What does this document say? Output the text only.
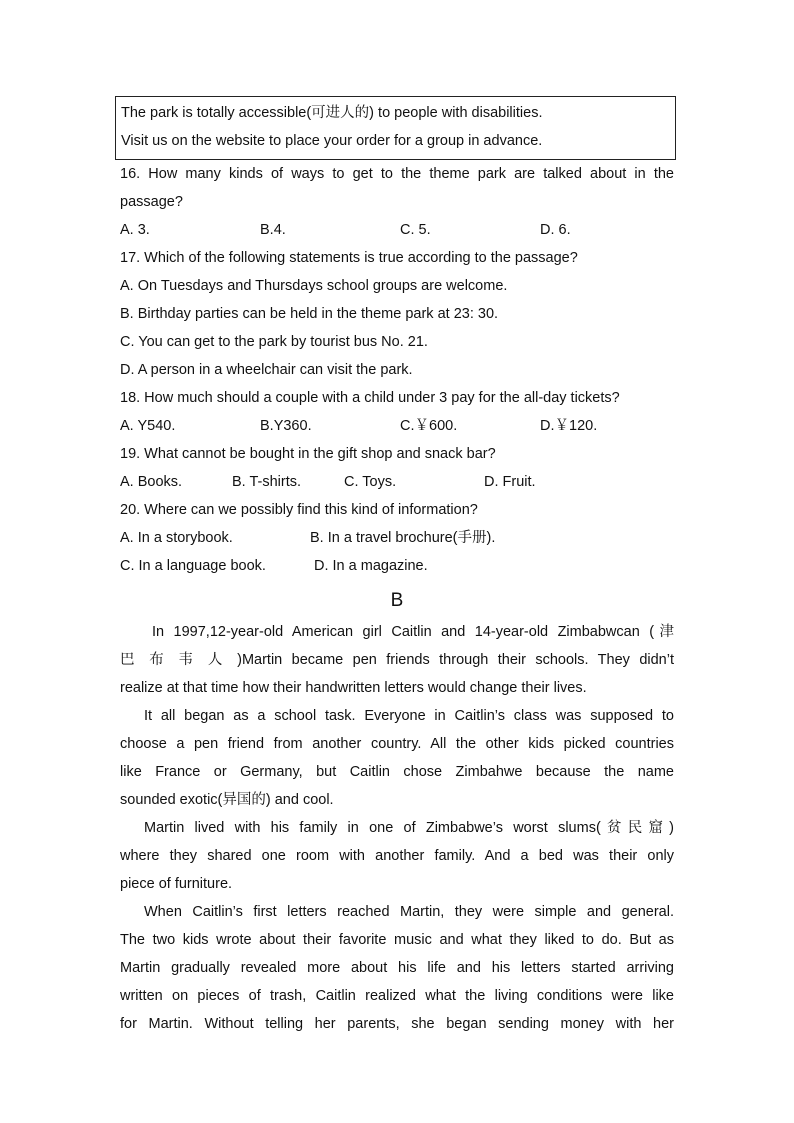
The park is totally accessible(可进人的) to people with disabilities.
Visit us on the website to place your order for a group in advance.
16. How many kinds of ways to get to the theme park are talked about in the
passage?
A. 3.	B.4.	C. 5.	D. 6.
17. Which of the following statements is true according to the passage?
A. On Tuesdays and Thursdays school groups are welcome.
B. Birthday parties can be held in the theme park at 23: 30.
C. You can get to the park by tourist bus No. 21.
D. A person in a wheelchair can visit the park.
18. How much should a couple with a child under 3 pay for the all-day tickets?
A. Y540.	B.Y360.	C.￥600.	D.￥120.
19. What cannot be bought in the gift shop and snack bar?
A. Books.	B. T-shirts.	C. Toys.	D. Fruit.
20. Where can we possibly find this kind of information?
A. In a storybook.	B. In a travel brochure(手册).
C. In a language book.	D. In a magazine.
B
In 1997,12-year-old American girl Caitlin and 14-year-old Zimbabwcan (津
巴 布 韦 人 )Martin became pen friends through their schools. They didn’t
realize at that time how their handwritten letters would change their lives.
It all began as a school task. Everyone in Caitlin’s class was supposed to
choose a pen friend from another country. All the other kids picked countries
like France or Germany, but Caitlin chose Zimbahwe because the name
sounded exotic(异国的) and cool.
Martin lived with his family in one of Zimbabwe’s worst slums(贫民窟)
where they shared one room with another family. And a bed was their only
piece of furniture.
When Caitlin’s first letters reached Martin, they were simple and general.
The two kids wrote about their favorite music and what they liked to do. But as
Martin gradually revealed more about his life and his letters started arriving
written on pieces of trash, Caitlin realized what the living conditions were like
for Martin. Without telling her parents, she began sending money with her
